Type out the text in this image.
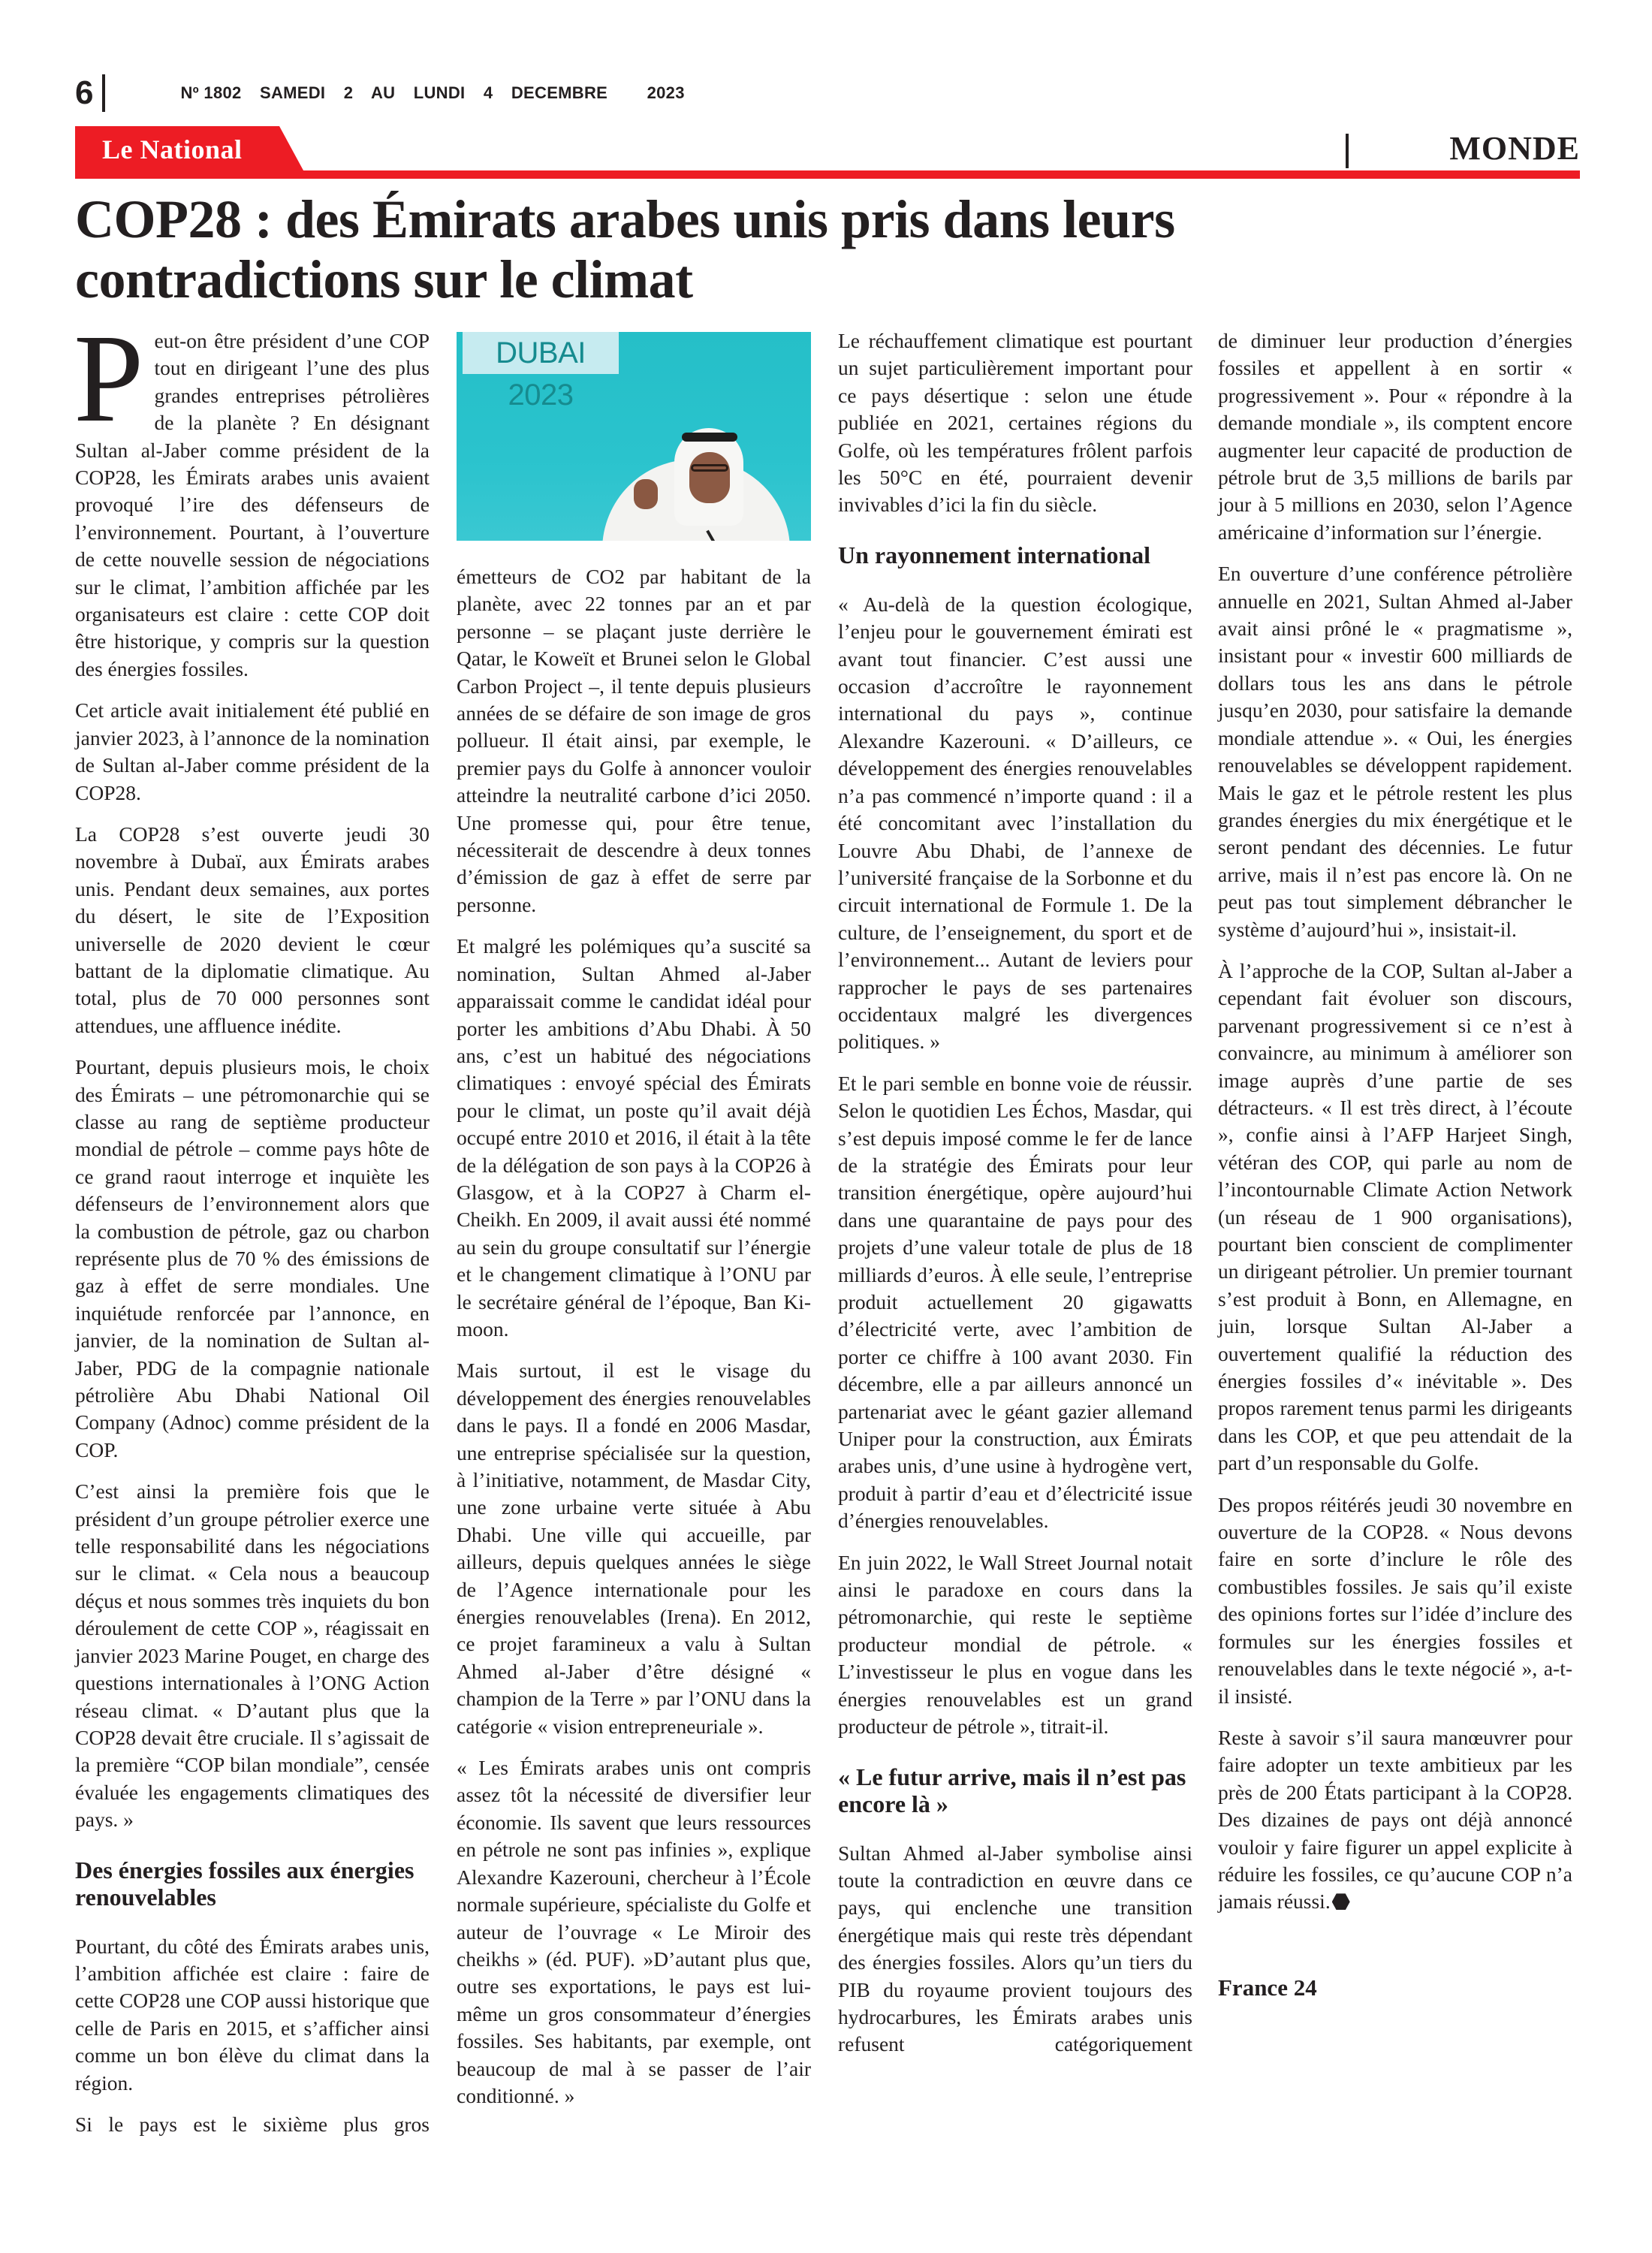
6	Nº 1802 SAMEDI 2 AU LUNDI 4 DECEMBRE 2023
Le National	MONDE
COP28 : des Émirats arabes unis pris dans leurs contradictions sur le climat

Peut-on être président d’une COP tout en dirigeant l’une des plus grandes entreprises pétrolières de la planète ? En désignant Sultan al-Jaber comme président de la COP28, les Émirats arabes unis avaient provoqué l’ire des défenseurs de l’environnement. Pourtant, à l’ouverture de cette nouvelle session de négociations sur le climat, l’ambition affichée par les organisateurs est claire : cette COP doit être historique, y compris sur la question des énergies fossiles.

Cet article avait initialement été publié en janvier 2023, à l’annonce de la nomination de Sultan al-Jaber comme président de la COP28.

La COP28 s’est ouverte jeudi 30 novembre à Dubaï, aux Émirats arabes unis. Pendant deux semaines, aux portes du désert, le site de l’Exposition universelle de 2020 devient le cœur battant de la diplomatie climatique. Au total, plus de 70 000 personnes sont attendues, une affluence inédite.

Pourtant, depuis plusieurs mois, le choix des Émirats – une pétromonarchie qui se classe au rang de septième producteur mondial de pétrole – comme pays hôte de ce grand raout interroge et inquiète les défenseurs de l’environnement alors que la combustion de pétrole, gaz ou charbon représente plus de 70 % des émissions de gaz à effet de serre mondiales. Une inquiétude renforcée par l’annonce, en janvier, de la nomination de Sultan al-Jaber, PDG de la compagnie nationale pétrolière Abu Dhabi National Oil Company (Adnoc) comme président de la COP.

C’est ainsi la première fois que le président d’un groupe pétrolier exerce une telle responsabilité dans les négociations sur le climat. « Cela nous a beaucoup déçus et nous sommes très inquiets du bon déroulement de cette COP », réagissait en janvier 2023 Marine Pouget, en charge des questions internationales à l’ONG Action réseau climat. « D’autant plus que la COP28 devait être cruciale. Il s’agissait de la première “COP bilan mondiale”, censée évaluée les engagements climatiques des pays. »

Des énergies fossiles aux énergies renouvelables

Pourtant, du côté des Émirats arabes unis, l’ambition affichée est claire : faire de cette COP28 une COP aussi historique que celle de Paris en 2015, et s’afficher ainsi comme un bon élève du climat dans la région.

Si le pays est le sixième plus gros

DUBAI 2023

émetteurs de CO2 par habitant de la planète, avec 22 tonnes par an et par personne – se plaçant juste derrière le Qatar, le Koweït et Brunei selon le Global Carbon Project –, il tente depuis plusieurs années de se défaire de son image de gros pollueur. Il était ainsi, par exemple, le premier pays du Golfe à annoncer vouloir atteindre la neutralité carbone d’ici 2050. Une promesse qui, pour être tenue, nécessiterait de descendre à deux tonnes d’émission de gaz à effet de serre par personne.

Et malgré les polémiques qu’a suscité sa nomination, Sultan Ahmed al-Jaber apparaissait comme le candidat idéal pour porter les ambitions d’Abu Dhabi. À 50 ans, c’est un habitué des négociations climatiques : envoyé spécial des Émirats pour le climat, un poste qu’il avait déjà occupé entre 2010 et 2016, il était à la tête de la délégation de son pays à la COP26 à Glasgow, et à la COP27 à Charm el-Cheikh. En 2009, il avait aussi été nommé au sein du groupe consultatif sur l’énergie et le changement climatique à l’ONU par le secrétaire général de l’époque, Ban Ki-moon.

Mais surtout, il est le visage du développement des énergies renouvelables dans le pays. Il a fondé en 2006 Masdar, une entreprise spécialisée sur la question, à l’initiative, notamment, de Masdar City, une zone urbaine verte située à Abu Dhabi. Une ville qui accueille, par ailleurs, depuis quelques années le siège de l’Agence internationale pour les énergies renouvelables (Irena). En 2012, ce projet faramineux a valu à Sultan Ahmed al-Jaber d’être désigné « champion de la Terre » par l’ONU dans la catégorie « vision entrepreneuriale ».

« Les Émirats arabes unis ont compris assez tôt la nécessité de diversifier leur économie. Ils savent que leurs ressources en pétrole ne sont pas infinies », explique Alexandre Kazerouni, chercheur à l’École normale supérieure, spécialiste du Golfe et auteur de l’ouvrage « Le Miroir des cheikhs » (éd. PUF). »D’autant plus que, outre ses exportations, le pays est lui-même un gros consommateur d’énergies fossiles. Ses habitants, par exemple, ont beaucoup de mal à se passer de l’air conditionné. »

Le réchauffement climatique est pourtant un sujet particulièrement important pour ce pays désertique : selon une étude publiée en 2021, certaines régions du Golfe, où les températures frôlent parfois les 50°C en été, pourraient devenir invivables d’ici la fin du siècle.

Un rayonnement international

« Au-delà de la question écologique, l’enjeu pour le gouvernement émirati est avant tout financier. C’est aussi une occasion d’accroître le rayonnement international du pays », continue Alexandre Kazerouni. « D’ailleurs, ce développement des énergies renouvelables n’a pas commencé n’importe quand : il a été concomitant avec l’installation du Louvre Abu Dhabi, de l’annexe de l’université française de la Sorbonne et du circuit international de Formule 1. De la culture, de l’enseignement, du sport et de l’environnement... Autant de leviers pour rapprocher le pays de ses partenaires occidentaux malgré les divergences politiques. »

Et le pari semble en bonne voie de réussir. Selon le quotidien Les Échos, Masdar, qui s’est depuis imposé comme le fer de lance de la stratégie des Émirats pour leur transition énergétique, opère aujourd’hui dans une quarantaine de pays pour des projets d’une valeur totale de plus de 18 milliards d’euros. À elle seule, l’entreprise produit actuellement 20 gigawatts d’électricité verte, avec l’ambition de porter ce chiffre à 100 avant 2030. Fin décembre, elle a par ailleurs annoncé un partenariat avec le géant gazier allemand Uniper pour la construction, aux Émirats arabes unis, d’une usine à hydrogène vert, produit à partir d’eau et d’électricité issue d’énergies renouvelables.

En juin 2022, le Wall Street Journal notait ainsi le paradoxe en cours dans la pétromonarchie, qui reste le septième producteur mondial de pétrole. « L’investisseur le plus en vogue dans les énergies renouvelables est un grand producteur de pétrole », titrait-il.

« Le futur arrive, mais il n’est pas encore là »

Sultan Ahmed al-Jaber symbolise ainsi toute la contradiction en œuvre dans ce pays, qui enclenche une transition énergétique mais qui reste très dépendant des énergies fossiles. Alors qu’un tiers du PIB du royaume provient toujours des hydrocarbures, les Émirats arabes unis refusent catégoriquement

de diminuer leur production d’énergies fossiles et appellent à en sortir « progressivement ». Pour « répondre à la demande mondiale », ils comptent encore augmenter leur capacité de production de pétrole brut de 3,5 millions de barils par jour à 5 millions en 2030, selon l’Agence américaine d’information sur l’énergie.

En ouverture d’une conférence pétrolière annuelle en 2021, Sultan Ahmed al-Jaber avait ainsi prôné le « pragmatisme », insistant pour « investir 600 milliards de dollars tous les ans dans le pétrole jusqu’en 2030, pour satisfaire la demande mondiale attendue ». « Oui, les énergies renouvelables se développent rapidement. Mais le gaz et le pétrole restent les plus grandes énergies du mix énergétique et le seront pendant des décennies. Le futur arrive, mais il n’est pas encore là. On ne peut pas tout simplement débrancher le système d’aujourd’hui », insistait-il.

À l’approche de la COP, Sultan al-Jaber a cependant fait évoluer son discours, parvenant progressivement si ce n’est à convaincre, au minimum à améliorer son image auprès d’une partie de ses détracteurs. « Il est très direct, à l’écoute », confie ainsi à l’AFP Harjeet Singh, vétéran des COP, qui parle au nom de l’incontournable Climate Action Network (un réseau de 1 900 organisations), pourtant bien conscient de complimenter un dirigeant pétrolier. Un premier tournant s’est produit à Bonn, en Allemagne, en juin, lorsque Sultan Al-Jaber a ouvertement qualifié la réduction des énergies fossiles d’« inévitable ». Des propos rarement tenus parmi les dirigeants dans les COP, et que peu attendait de la part d’un responsable du Golfe.

Des propos réitérés jeudi 30 novembre en ouverture de la COP28. « Nous devons faire en sorte d’inclure le rôle des combustibles fossiles. Je sais qu’il existe des opinions fortes sur l’idée d’inclure des formules sur les énergies fossiles et renouvelables dans le texte négocié », a-t-il insisté.

Reste à savoir s’il saura manœuvrer pour faire adopter un texte ambitieux par les près de 200 États participant à la COP28. Des dizaines de pays ont déjà annoncé vouloir y faire figurer un appel explicite à réduire les fossiles, ce qu’aucune COP n’a jamais réussi.

France 24
